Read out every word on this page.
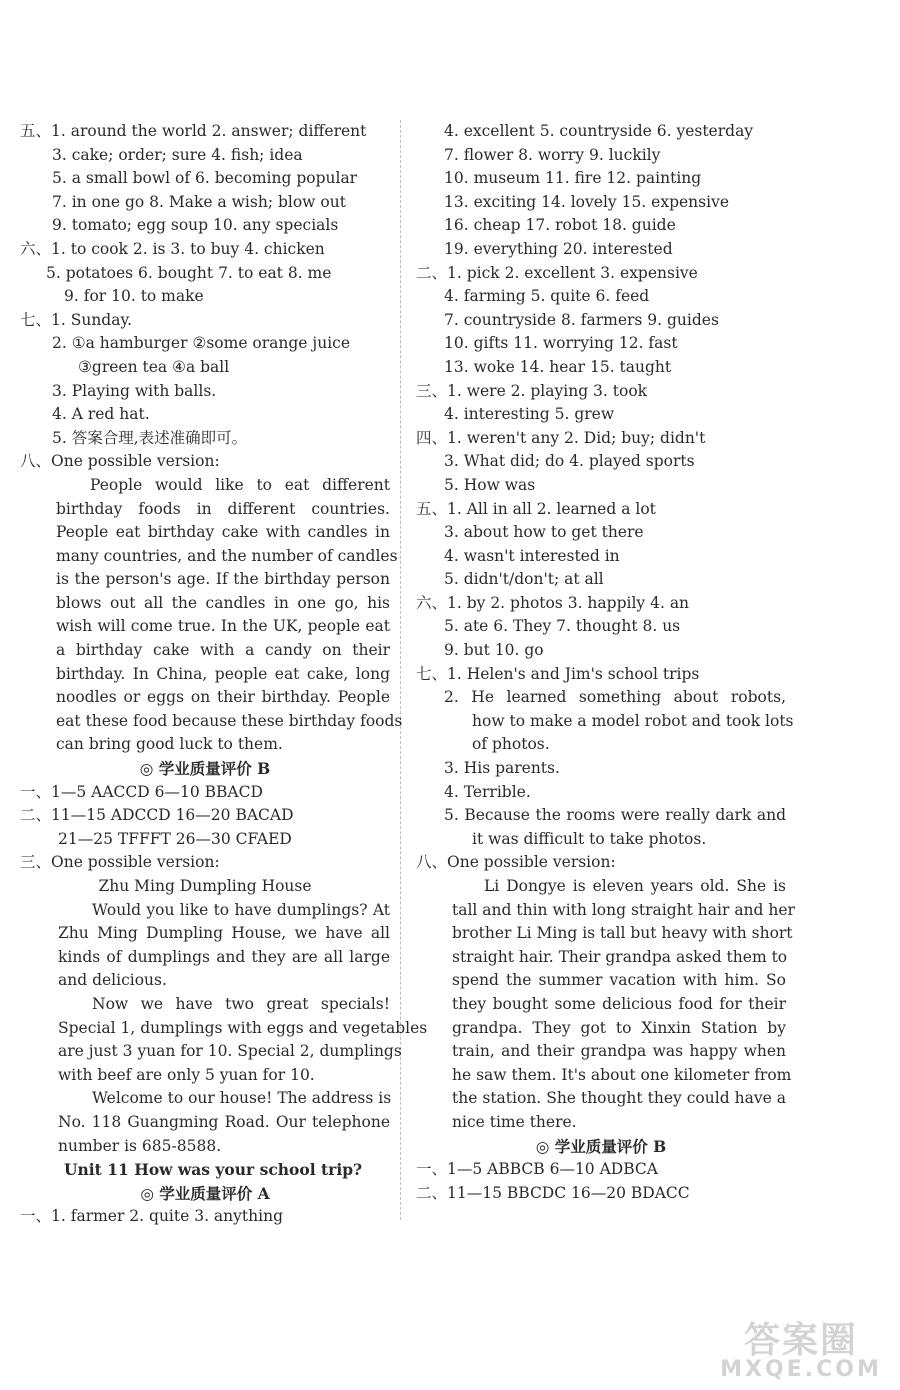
五、1. around the world 2. answer; different
3. cake; order; sure 4. fish; idea
5. a small bowl of 6. becoming popular
7. in one go 8. Make a wish; blow out
9. tomato; egg soup 10. any specials
六、1. to cook 2. is 3. to buy 4. chicken
5. potatoes 6. bought 7. to eat 8. me
9. for 10. to make
七、1. Sunday.
2. ①a hamburger ②some orange juice
③green tea ④a ball
3. Playing with balls.
4. A red hat.
5. 答案合理,表述准确即可。
八、One possible version:
People would like to eat different
birthday foods in different countries.
People eat birthday cake with candles in
many countries, and the number of candles
is the person's age. If the birthday person
blows out all the candles in one go, his
wish will come true. In the UK, people eat
a birthday cake with a candy on their
birthday. In China, people eat cake, long
noodles or eggs on their birthday. People
eat these food because these birthday foods
can bring good luck to them.
◎ 学业质量评价 B
一、1—5 AACCD 6—10 BBACD
二、11—15 ADCCD 16—20 BACAD
21—25 TFFFT 26—30 CFAED
三、One possible version:
Zhu Ming Dumpling House
Would you like to have dumplings? At
Zhu Ming Dumpling House, we have all
kinds of dumplings and they are all large
and delicious.
Now we have two great specials!
Special 1, dumplings with eggs and vegetables
are just 3 yuan for 10. Special 2, dumplings
with beef are only 5 yuan for 10.
Welcome to our house! The address is
No. 118 Guangming Road. Our telephone
number is 685-8588.
Unit 11 How was your school trip?
◎ 学业质量评价 A
一、1. farmer 2. quite 3. anything
4. excellent 5. countryside 6. yesterday
7. flower 8. worry 9. luckily
10. museum 11. fire 12. painting
13. exciting 14. lovely 15. expensive
16. cheap 17. robot 18. guide
19. everything 20. interested
二、1. pick 2. excellent 3. expensive
4. farming 5. quite 6. feed
7. countryside 8. farmers 9. guides
10. gifts 11. worrying 12. fast
13. woke 14. hear 15. taught
三、1. were 2. playing 3. took
4. interesting 5. grew
四、1. weren't any 2. Did; buy; didn't
3. What did; do 4. played sports
5. How was
五、1. All in all 2. learned a lot
3. about how to get there
4. wasn't interested in
5. didn't/don't; at all
六、1. by 2. photos 3. happily 4. an
5. ate 6. They 7. thought 8. us
9. but 10. go
七、1. Helen's and Jim's school trips
2. He learned something about robots,
how to make a model robot and took lots
of photos.
3. His parents.
4. Terrible.
5. Because the rooms were really dark and
it was difficult to take photos.
八、One possible version:
Li Dongye is eleven years old. She is
tall and thin with long straight hair and her
brother Li Ming is tall but heavy with short
straight hair. Their grandpa asked them to
spend the summer vacation with him. So
they bought some delicious food for their
grandpa. They got to Xinxin Station by
train, and their grandpa was happy when
he saw them. It's about one kilometer from
the station. She thought they could have a
nice time there.
◎ 学业质量评价 B
一、1—5 ABBCB 6—10 ADBCA
二、11—15 BBCDC 16—20 BDACC
答案圈
MXQE.COM
